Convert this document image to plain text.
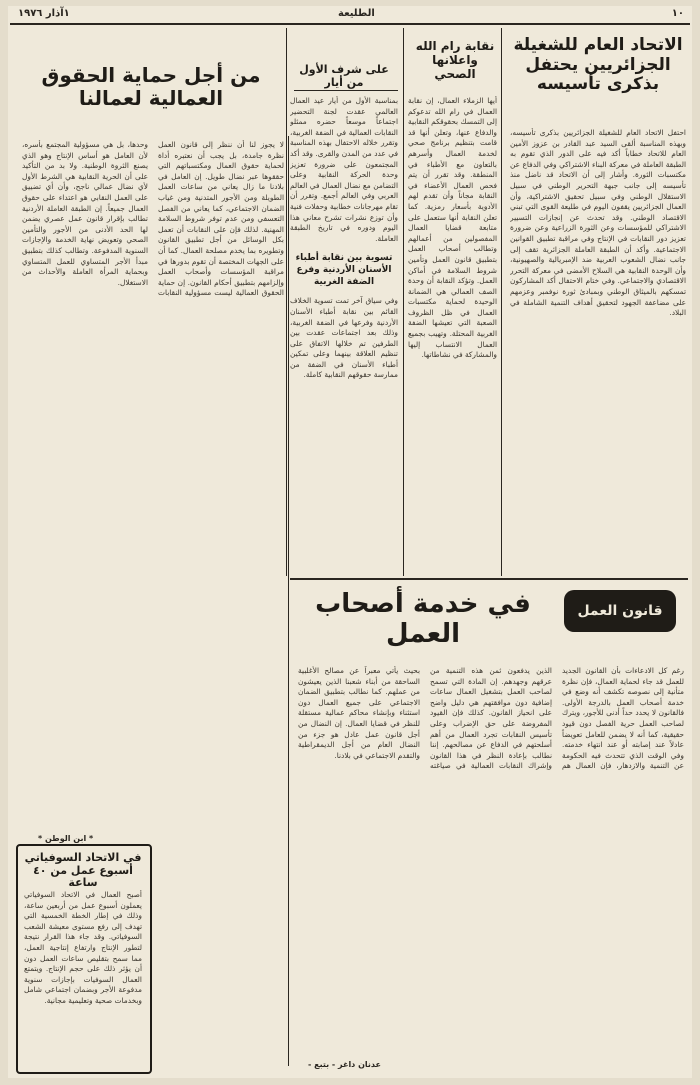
١٠
الطليعة
١آذار ١٩٧٦
الاتحاد العام للشغيلة الجزائريين يحتفل بذكرى تأسيسه
احتفل الاتحاد العام للشغيلة الجزائريين بذكرى تأسيسه، وبهذه المناسبة ألقى السيد عبد القادر بن عزوز الأمين العام للاتحاد خطاباً أكد فيه على الدور الذي تقوم به الطبقة العاملة في معركة البناء الاشتراكي وفي الدفاع عن مكتسبات الثورة. وأشار إلى أن الاتحاد قد ناضل منذ تأسيسه إلى جانب جبهة التحرير الوطني في سبيل الاستقلال الوطني وفي سبيل تحقيق الاشتراكية، وأن العمال الجزائريين يقفون اليوم في طليعة القوى التي تبني الاقتصاد الوطني. وقد تحدث عن إنجازات التسيير الاشتراكي للمؤسسات وعن الثورة الزراعية وعن ضرورة تعزيز دور النقابات في الإنتاج وفي مراقبة تطبيق القوانين الاجتماعية. وأكد أن الطبقة العاملة الجزائرية تقف إلى جانب نضال الشعوب العربية ضد الإمبريالية والصهيونية، وأن الوحدة النقابية هي السلاح الأمضى في معركة التحرر الاقتصادي والاجتماعي. وفي ختام الاحتفال أكد المشاركون تمسكهم بالميثاق الوطني وبمبادئ ثورة نوفمبر وعزمهم على مضاعفة الجهود لتحقيق أهداف التنمية الشاملة في البلاد.
نقابة رام الله واعلانها الصحي
أيها الزملاء العمال، إن نقابة العمال في رام الله تدعوكم إلى التمسك بحقوقكم النقابية والدفاع عنها، وتعلن أنها قد قامت بتنظيم برنامج صحي لخدمة العمال وأسرهم بالتعاون مع الأطباء في المنطقة. وقد تقرر أن يتم فحص العمال الأعضاء في النقابة مجاناً وأن تقدم لهم الأدوية بأسعار رمزية. كما تعلن النقابة أنها ستعمل على متابعة قضايا العمال المفصولين من أعمالهم وتطالب أصحاب العمل بتطبيق قانون العمل وتأمين شروط السلامة في أماكن العمل. وتؤكد النقابة أن وحدة الصف العمالي هي الضمانة الوحيدة لحماية مكتسبات العمال في ظل الظروف الصعبة التي تعيشها الضفة الغربية المحتلة. وتهيب بجميع العمال الانتساب إليها والمشاركة في نشاطاتها.
على شرف الأول من أيار

بمناسبة الأول من أيار عيد العمال العالمي عقدت لجنة التحضير اجتماعاً موسعاً حضره ممثلو النقابات العمالية في الضفة الغربية، وتقرر خلاله الاحتفال بهذه المناسبة في عدد من المدن والقرى. وقد أكد المجتمعون على ضرورة تعزيز وحدة الحركة النقابية وعلى التضامن مع نضال العمال في العالم العربي وفي العالم أجمع. وتقرر أن تقام مهرجانات خطابية وحفلات فنية وأن توزع نشرات تشرح معاني هذا اليوم ودوره في تاريخ الطبقة العاملة.

تسوية بين نقابة أطباء الأسنان الأردنية وفرع الضفة الغربية

وفي سياق آخر تمت تسوية الخلاف القائم بين نقابة أطباء الأسنان الأردنية وفرعها في الضفة الغربية، وذلك بعد اجتماعات عقدت بين الطرفين تم خلالها الاتفاق على تنظيم العلاقة بينهما وعلى تمكين أطباء الأسنان في الضفة من ممارسة حقوقهم النقابية كاملة.

من أجل حماية الحقوق العمالية لعمالنا
لا يجوز لنا أن ننظر إلى قانون العمل نظرة جامدة، بل يجب أن نعتبره أداة لحماية حقوق العمال ومكتسباتهم التي حققوها عبر نضال طويل. إن العامل في بلادنا ما زال يعاني من ساعات العمل الطويلة ومن الأجور المتدنية ومن غياب الضمان الاجتماعي، كما يعاني من الفصل التعسفي ومن عدم توفر شروط السلامة المهنية. لذلك فإن على النقابات أن تعمل بكل الوسائل من أجل تطبيق القانون وتطويره بما يخدم مصلحة العمال. كما أن على الجهات المختصة أن تقوم بدورها في مراقبة المؤسسات وأصحاب العمل وإلزامهم بتطبيق أحكام القانون. إن حماية الحقوق العمالية ليست مسؤولية النقابات وحدها، بل هي مسؤولية المجتمع بأسره، لأن العامل هو أساس الإنتاج وهو الذي يصنع الثروة الوطنية. ولا بد من التأكيد على أن الحرية النقابية هي الشرط الأول لأي نضال عمالي ناجح، وأن أي تضييق على العمل النقابي هو اعتداء على حقوق العمال جميعاً. إن الطبقة العاملة الأردنية تطالب بإقرار قانون عمل عصري يضمن لها الحد الأدنى من الأجور والتأمين الصحي وتعويض نهاية الخدمة والإجازات السنوية المدفوعة. وتطالب كذلك بتطبيق مبدأ الأجر المتساوي للعمل المتساوي وبحماية المرأة العاملة والأحداث من الاستغلال.
* ابن الوطن *
في الاتحاد السوفياتي أسبوع عمل من ٤٠ ساعة
أصبح العمال في الاتحاد السوفياتي يعملون أسبوع عمل من أربعين ساعة، وذلك في إطار الخطة الخمسية التي تهدف إلى رفع مستوى معيشة الشعب السوفياتي. وقد جاء هذا القرار نتيجة لتطور الإنتاج وارتفاع إنتاجية العمل، مما سمح بتقليص ساعات العمل دون أن يؤثر ذلك على حجم الإنتاج. ويتمتع العمال السوفيات بإجازات سنوية مدفوعة الأجر وبضمان اجتماعي شامل وبخدمات صحية وتعليمية مجانية.
في خدمة أصحاب العمل
قانون العمل
رغم كل الادعاءات بأن القانون الجديد للعمل قد جاء لحماية العمال، فإن نظرة متأنية إلى نصوصه تكشف أنه وضع في خدمة أصحاب العمل بالدرجة الأولى. فالقانون لا يحدد حداً أدنى للأجور، ويترك لصاحب العمل حرية الفصل دون قيود حقيقية، كما أنه لا يضمن للعامل تعويضاً عادلاً عند إصابته أو عند انتهاء خدمته. وفي الوقت الذي تتحدث فيه الحكومة عن التنمية والازدهار، فإن العمال هم الذين يدفعون ثمن هذه التنمية من عرقهم وجهدهم. إن المادة التي تسمح لصاحب العمل بتشغيل العمال ساعات إضافية دون موافقتهم هي دليل واضح على انحياز القانون. كذلك فإن القيود المفروضة على حق الإضراب وعلى تأسيس النقابات تجرد العمال من أهم أسلحتهم في الدفاع عن مصالحهم. إننا نطالب بإعادة النظر في هذا القانون وإشراك النقابات العمالية في صياغته بحيث يأتي معبراً عن مصالح الأغلبية الساحقة من أبناء شعبنا الذين يعيشون من عملهم. كما نطالب بتطبيق الضمان الاجتماعي على جميع العمال دون استثناء وبإنشاء محاكم عمالية مستقلة للنظر في قضايا العمال. إن النضال من أجل قانون عمل عادل هو جزء من النضال العام من أجل الديمقراطية والتقدم الاجتماعي في بلادنا.
عدنان داغر - بتبع -
